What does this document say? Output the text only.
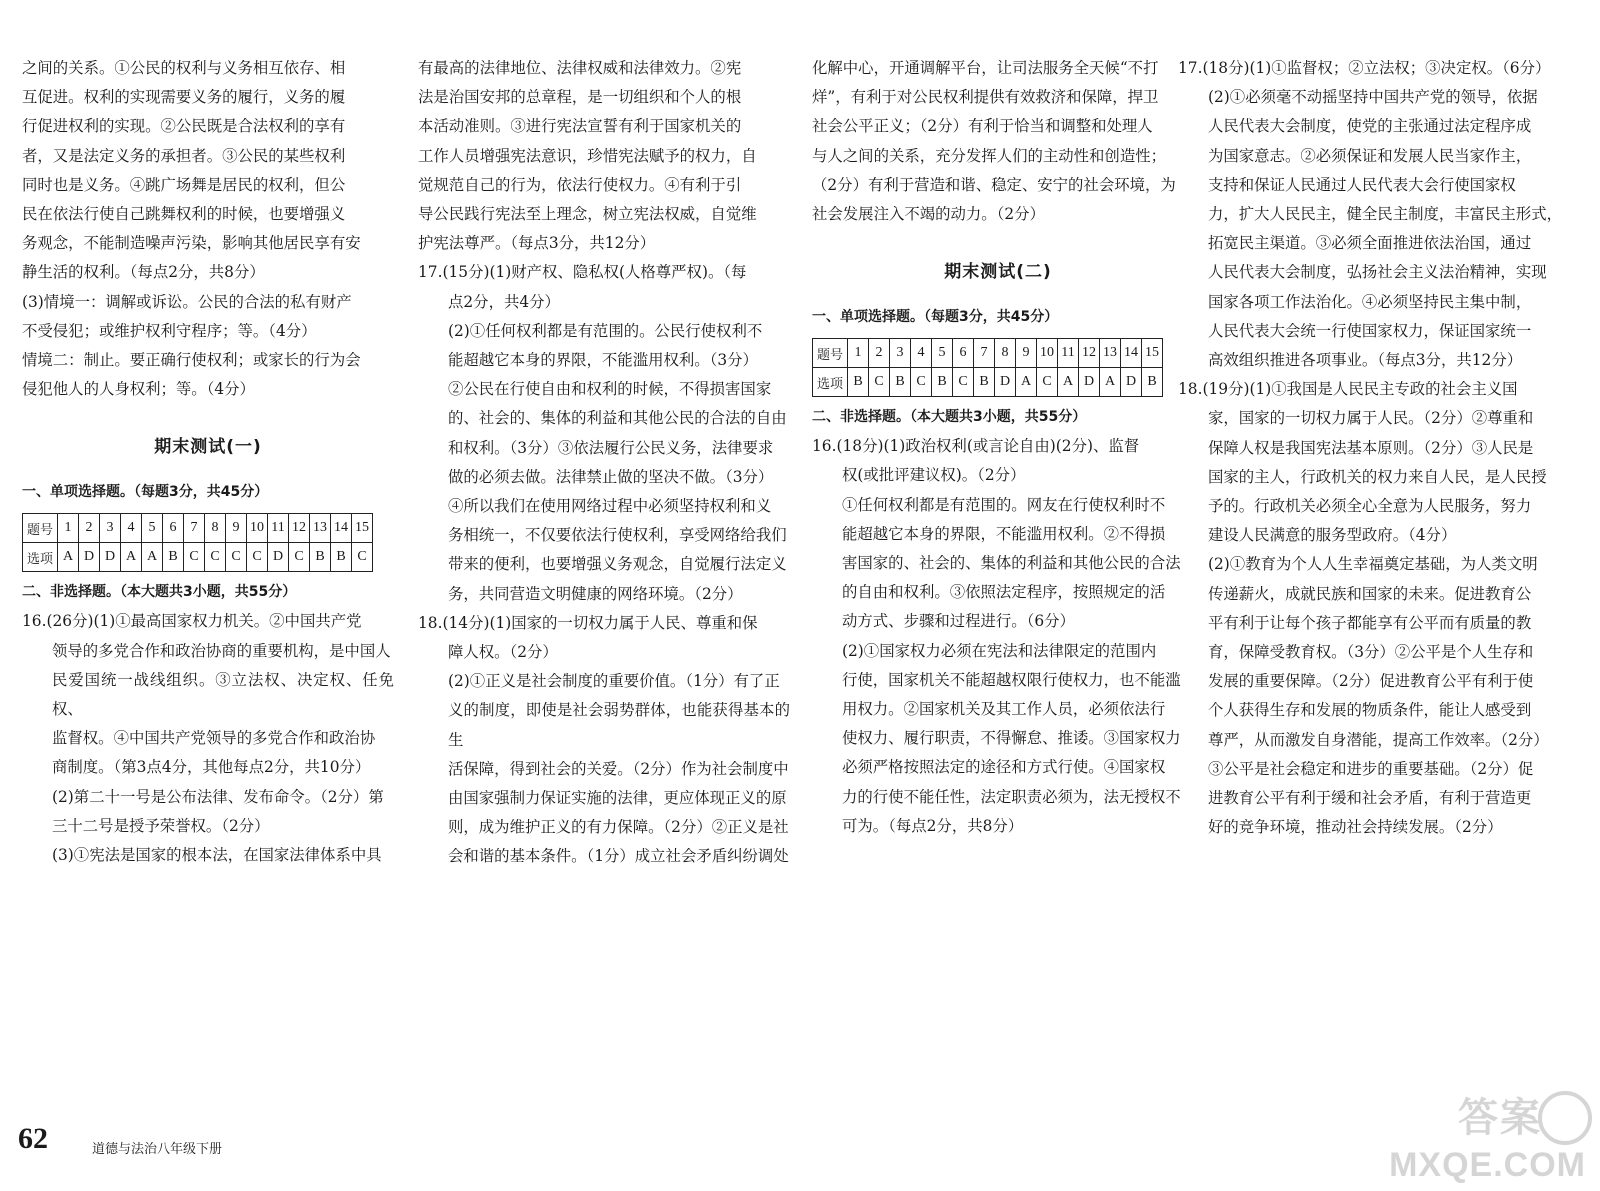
之间的关系。①公民的权利与义务相互依存、相
互促进。权利的实现需要义务的履行，义务的履
行促进权利的实现。②公民既是合法权利的享有
者，又是法定义务的承担者。③公民的某些权利
同时也是义务。④跳广场舞是居民的权利，但公
民在依法行使自己跳舞权利的时候，也要增强义
务观念，不能制造噪声污染，影响其他居民享有安
静生活的权利。（每点2分，共8分）
(3)情境一：调解或诉讼。公民的合法的私有财产
不受侵犯；或维护权利守程序；等。（4分）
情境二：制止。要正确行使权利；或家长的行为会
侵犯他人的人身权利；等。（4分）
期末测试(一)
一、单项选择题。（每题3分，共45分）
题号	1	2	3	4	5	6	7	8	9	10	11	12	13	14	15
选项	A	D	D	A	A	B	C	C	C	C	D	C	B	B	C
二、非选择题。（本大题共3小题，共55分）
16.(26分)(1)①最高国家权力机关。②中国共产党
领导的多党合作和政治协商的重要机构，是中国人
民爱国统一战线组织。③立法权、决定权、任免权、
监督权。④中国共产党领导的多党合作和政治协
商制度。（第3点4分，其他每点2分，共10分）
(2)第二十一号是公布法律、发布命令。（2分）第
三十二号是授予荣誉权。（2分）
(3)①宪法是国家的根本法，在国家法律体系中具
有最高的法律地位、法律权威和法律效力。②宪
法是治国安邦的总章程，是一切组织和个人的根
本活动准则。③进行宪法宣誓有利于国家机关的
工作人员增强宪法意识，珍惜宪法赋予的权力，自
觉规范自己的行为，依法行使权力。④有利于引
导公民践行宪法至上理念，树立宪法权威，自觉维
护宪法尊严。（每点3分，共12分）
17.(15分)(1)财产权、隐私权(人格尊严权)。（每
点2分，共4分）
(2)①任何权利都是有范围的。公民行使权利不
能超越它本身的界限，不能滥用权利。（3分）
②公民在行使自由和权利的时候，不得损害国家
的、社会的、集体的利益和其他公民的合法的自由
和权利。（3分）③依法履行公民义务，法律要求
做的必须去做。法律禁止做的坚决不做。（3分）
④所以我们在使用网络过程中必须坚持权利和义
务相统一，不仅要依法行使权利，享受网络给我们
带来的便利，也要增强义务观念，自觉履行法定义
务，共同营造文明健康的网络环境。（2分）
18.(14分)(1)国家的一切权力属于人民、尊重和保
障人权。（2分）
(2)①正义是社会制度的重要价值。（1分）有了正
义的制度，即使是社会弱势群体，也能获得基本的生
活保障，得到社会的关爱。（2分）作为社会制度中
由国家强制力保证实施的法律，更应体现正义的原
则，成为维护正义的有力保障。（2分）②正义是社
会和谐的基本条件。（1分）成立社会矛盾纠纷调处
化解中心，开通调解平台，让司法服务全天候“不打
烊”，有利于对公民权利提供有效救济和保障，捍卫
社会公平正义；（2分）有利于恰当和调整和处理人
与人之间的关系，充分发挥人们的主动性和创造性；
（2分）有利于营造和谐、稳定、安宁的社会环境，为
社会发展注入不竭的动力。（2分）
期末测试(二)
一、单项选择题。（每题3分，共45分）
题号	1	2	3	4	5	6	7	8	9	10	11	12	13	14	15
选项	B	C	B	C	B	C	B	D	A	C	A	D	A	D	B
二、非选择题。（本大题共3小题，共55分）
16.(18分)(1)政治权利(或言论自由)(2分)、监督
权(或批评建议权)。（2分）
①任何权利都是有范围的。网友在行使权利时不
能超越它本身的界限，不能滥用权利。②不得损
害国家的、社会的、集体的利益和其他公民的合法
的自由和权利。③依照法定程序，按照规定的活
动方式、步骤和过程进行。（6分）
(2)①国家权力必须在宪法和法律限定的范围内
行使，国家机关不能超越权限行使权力，也不能滥
用权力。②国家机关及其工作人员，必须依法行
使权力、履行职责，不得懈怠、推诿。③国家权力
必须严格按照法定的途径和方式行使。④国家权
力的行使不能任性，法定职责必须为，法无授权不
可为。（每点2分，共8分）
17.(18分)(1)①监督权；②立法权；③决定权。（6分）
(2)①必须毫不动摇坚持中国共产党的领导，依据
人民代表大会制度，使党的主张通过法定程序成
为国家意志。②必须保证和发展人民当家作主，
支持和保证人民通过人民代表大会行使国家权
力，扩大人民民主，健全民主制度，丰富民主形式，
拓宽民主渠道。③必须全面推进依法治国，通过
人民代表大会制度，弘扬社会主义法治精神，实现
国家各项工作法治化。④必须坚持民主集中制，
人民代表大会统一行使国家权力，保证国家统一
高效组织推进各项事业。（每点3分，共12分）
18.(19分)(1)①我国是人民民主专政的社会主义国
家，国家的一切权力属于人民。（2分）②尊重和
保障人权是我国宪法基本原则。（2分）③人民是
国家的主人，行政机关的权力来自人民，是人民授
予的。行政机关必须全心全意为人民服务，努力
建设人民满意的服务型政府。（4分）
(2)①教育为个人人生幸福奠定基础，为人类文明
传递薪火，成就民族和国家的未来。促进教育公
平有利于让每个孩子都能享有公平而有质量的教
育，保障受教育权。（3分）②公平是个人生存和
发展的重要保障。（2分）促进教育公平有利于使
个人获得生存和发展的物质条件，能让人感受到
尊严，从而激发自身潜能，提高工作效率。（2分）
③公平是社会稳定和进步的重要基础。（2分）促
进教育公平有利于缓和社会矛盾，有利于营造更
好的竞争环境，推动社会持续发展。（2分）
62	道德与法治八年级下册
答案
MXQE.COM
